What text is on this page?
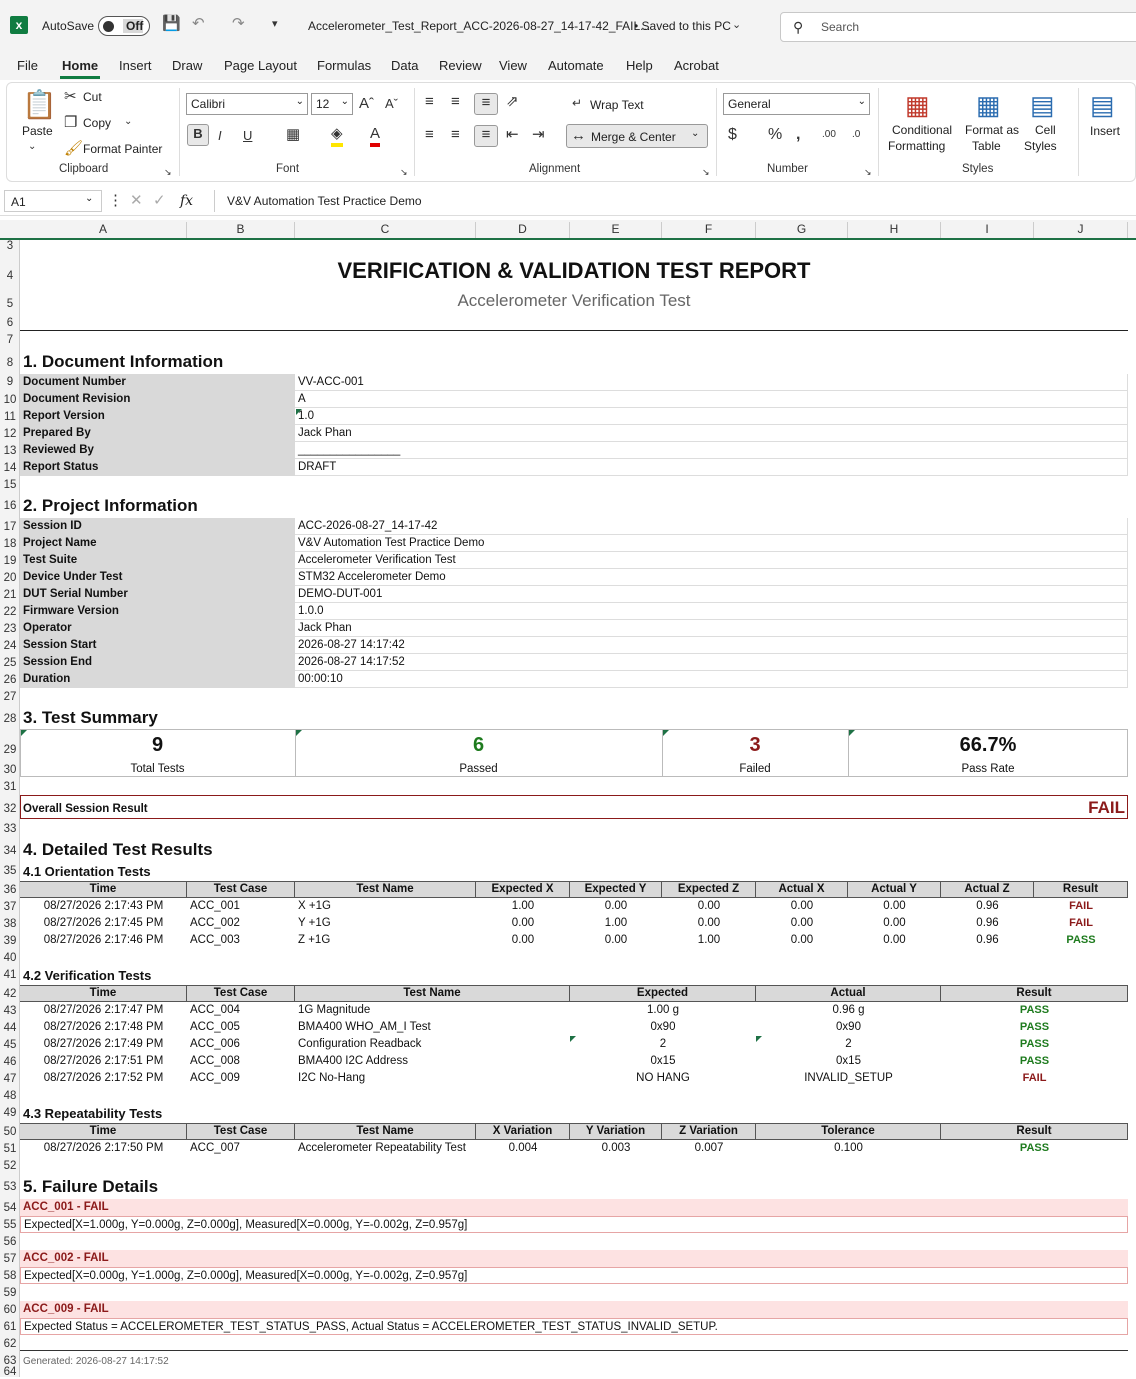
x	AutoSave	Off 💾 ↶ ↷ ▾	Accelerometer_Test_Report_ACC-2026-08-27_14-17-42_FAIL...
• Saved to this PC ⌄	⚲ Search
File Home Insert Draw Page Layout Formulas Data Review View Automate Help Acrobat
📋
Paste
⌄
✂ Cut
❐ Copy ⌄
🖌 Format Painter
Clipboard	↘
Calibri	⌄	12 ⌄ Aˆ Aˇ
B	I U ▦ ◈ A
Font	↘
≡ ≡	≡	⇗
≡ ≡	≡	⇤ ⇥
↵ Wrap Text
↔ Merge & Center ⌄
Alignment	↘
General	⌄
$ % , .00 .0
Number	↘
▦
Conditional
Formatting
▦
Format as
Table
▤
Cell
Styles
Styles
▤
Insert
A1	⌄ ⋮ ✕ ✓ fx	V&V Automation Test Practice Demo
A	B	C	D	E	F	G	H	I	J
3
4
5
6
7
8
9
10
11
12
13
14
15
16
17
18
19
20
21
22
23
24
25
26
27
28
29
30
31
32
33
34
35
36
37
38
39
40
41
42
43
44
45
46
47
48
49
50
51
52
53
54
55
56
57
58
59
60
61
62
63
64
VERIFICATION & VALIDATION TEST REPORT
Accelerometer Verification Test
1. Document Information
Document Number	VV-ACC-001
Document Revision	A
Report Version	1.0
Prepared By	Jack Phan
Reviewed By	________________
Report Status	DRAFT
2. Project Information
Session ID	ACC-2026-08-27_14-17-42
Project Name	V&V Automation Test Practice Demo
Test Suite	Accelerometer Verification Test
Device Under Test	STM32 Accelerometer Demo
DUT Serial Number	DEMO-DUT-001
Firmware Version	1.0.0
Operator	Jack Phan
Session Start	2026-08-27 14:17:42
Session End	2026-08-27 14:17:52
Duration	00:00:10
3. Test Summary
9
Total Tests
6
Passed
3
Failed
66.7%
Pass Rate
Overall Session Result	FAIL
4. Detailed Test Results
4.1 Orientation Tests
Time	Test Case	Test Name	Expected X	Expected Y	Expected Z	Actual X	Actual Y	Actual Z	Result
08/27/2026 2:17:43 PM	ACC_001	X +1G	1.00	0.00	0.00	0.00	0.00	0.96	FAIL
08/27/2026 2:17:45 PM	ACC_002	Y +1G	0.00	1.00	0.00	0.00	0.00	0.96	FAIL
08/27/2026 2:17:46 PM	ACC_003	Z +1G	0.00	0.00	1.00	0.00	0.00	0.96	PASS
4.2 Verification Tests
Time	Test Case	Test Name	Expected	Actual	Result
08/27/2026 2:17:47 PM	ACC_004	1G Magnitude	1.00 g	0.96 g	PASS
08/27/2026 2:17:48 PM	ACC_005	BMA400 WHO_AM_I Test	0x90	0x90	PASS
08/27/2026 2:17:49 PM	ACC_006	Configuration Readback	2	2	PASS
08/27/2026 2:17:51 PM	ACC_008	BMA400 I2C Address	0x15	0x15	PASS
08/27/2026 2:17:52 PM	ACC_009	I2C No-Hang	NO HANG	INVALID_SETUP	FAIL
4.3 Repeatability Tests
Time	Test Case	Test Name	X Variation	Y Variation	Z Variation	Tolerance	Result
08/27/2026 2:17:50 PM	ACC_007	Accelerometer Repeatability Test	0.004	0.003	0.007	0.100	PASS
5. Failure Details
ACC_001 - FAIL
Expected[X=1.000g, Y=0.000g, Z=0.000g], Measured[X=0.000g, Y=-0.002g, Z=0.957g]
ACC_002 - FAIL
Expected[X=0.000g, Y=1.000g, Z=0.000g], Measured[X=0.000g, Y=-0.002g, Z=0.957g]
ACC_009 - FAIL
Expected Status = ACCELEROMETER_TEST_STATUS_PASS, Actual Status = ACCELEROMETER_TEST_STATUS_INVALID_SETUP.
Generated: 2026-08-27 14:17:52
